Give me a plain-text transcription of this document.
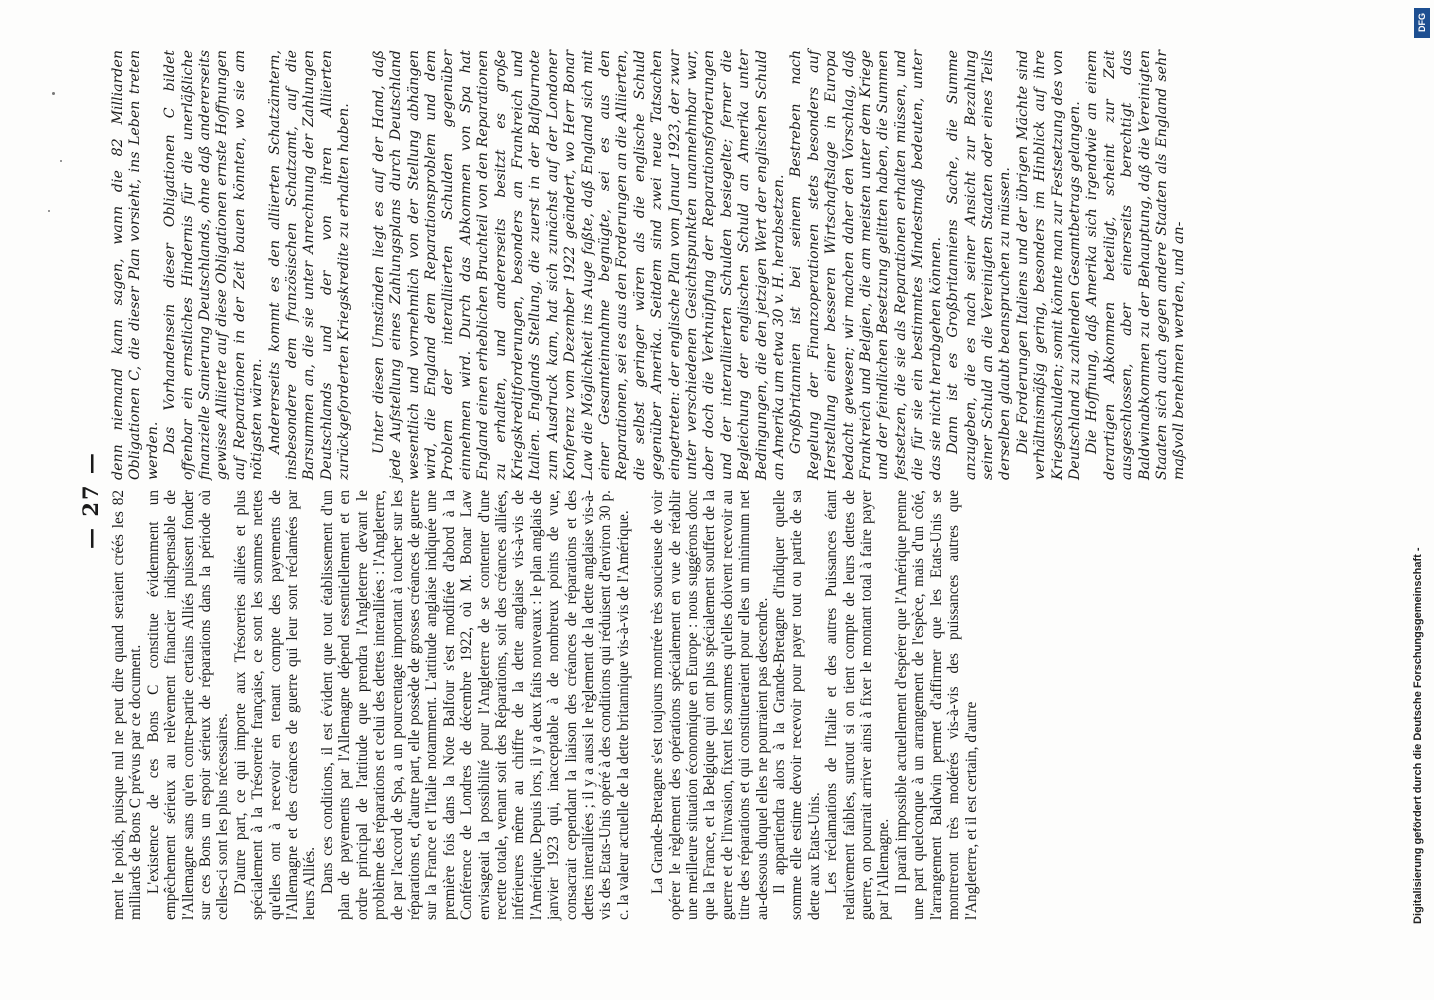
— 27 — ment le poids, puisque nul ne peut dire quand seraient créés les 82 milliards de Bons C prévus par ce document. L'existence de ces Bons C constitue évidemment un empêchement sérieux au relèvement financier indispensable de l'Allemagne sans qu'en contre-partie certains Alliés puissent fonder sur ces Bons un espoir sérieux de réparations dans la période où celles-ci sont les plus nécessaires. D'autre part, ce qui importe aux Trésoreries alliées et plus spécialement à la Trésorerie française, ce sont les sommes nettes qu'elles ont à recevoir en tenant compte des payements de l'Allemagne et des créances de guerre qui leur sont réclamées par leurs Alliés. Dans ces conditions, il est évident que tout établissement d'un plan de payements par l'Allemagne dépend essentiellement et en ordre principal de l'attitude que prendra l'Angleterre devant le problème des réparations et celui des dettes interalliées : l'Angleterre, de par l'accord de Spa, a un pourcentage important à toucher sur les réparations et, d'autre part, elle possède de grosses créances de guerre sur la France et l'Italie notamment. L'attitude anglaise indiquée une première fois dans la Note Balfour s'est modifiée d'abord à la Conférence de Londres de décembre 1922, où M. Bonar Law envisageait la possibilité pour l'Angleterre de se contenter d'une recette totale, venant soit des Réparations, soit des créances alliées, inférieures même au chiffre de la dette anglaise vis-à-vis de l'Amérique. Depuis lors, il y a deux faits nouveaux : le plan anglais de janvier 1923 qui, inacceptable à de nombreux points de vue, consacrait cependant la liaison des créances de réparations et des dettes interalliées ; il y a aussi le règlement de la dette anglaise vis-à-vis des Etats-Unis opéré à des conditions qui réduisent d'environ 30 p. c. la valeur actuelle de la dette britannique vis-à-vis de l'Amérique. La Grande-Bretagne s'est toujours montrée très soucieuse de voir opérer le règlement des opérations spécialement en vue de rétablir une meilleure situation économique en Europe : nous suggérons donc que la France, et la Belgique qui ont plus spécialement souffert de la guerre et de l'invasion, fixent les sommes qu'elles doivent recevoir au titre des réparations et qui constitueraient pour elles un minimum net au-dessous duquel elles ne pourraient pas descendre. Il appartiendra alors à la Grande-Bretagne d'indiquer quelle somme elle estime devoir recevoir pour payer tout ou partie de sa dette aux Etats-Unis. Les réclamations de l'Italie et des autres Puissances étant relativement faibles, surtout si on tient compte de leurs dettes de guerre, on pourrait arriver ainsi à fixer le montant total à faire payer par l'Allemagne. Il paraît impossible actuellement d'espérer que l'Amérique prenne une part quelconque à un arrangement de l'espèce, mais d'un côté, l'arrangement Baldwin permet d'affirmer que les Etats-Unis se montreront très modérés vis-à-vis des puissances autres que l'Angleterre, et il est certain, d'autre

denn niemand kann sagen, wann die 82 Milliarden Obligationen C, die dieser Plan vorsieht, ins Leben treten werden. Das Vorhandensein dieser Obligationen C bildet offenbar ein ernstliches Hindernis für die unerläßliche finanzielle Sanierung Deutschlands, ohne daß andererseits gewisse Alliierte auf diese Obligationen ernste Hoffnungen auf Reparationen in der Zeit bauen könnten, wo sie am nötigsten wären. Andererseits kommt es den alliierten Schatzämtern, insbesondere dem französischen Schatzamt, auf die Barsummen an, die sie unter Anrechnung der Zahlungen Deutschlands und der von ihren Alliierten zurückgeforderten Kriegskredite zu erhalten haben. Unter diesen Umständen liegt es auf der Hand, daß jede Aufstellung eines Zahlungsplans durch Deutschland wesentlich und vornehmlich von der Stellung abhängen wird, die England dem Reparationsproblem und dem Problem der interalliierten Schulden gegenüber einnehmen wird. Durch das Abkommen von Spa hat England einen erheblichen Bruchteil von den Reparationen zu erhalten, und andererseits besitzt es große Kriegskreditforderungen, besonders an Frankreich und Italien. Englands Stellung, die zuerst in der Balfournote zum Ausdruck kam, hat sich zunächst auf der Londoner Konferenz vom Dezember 1922 geändert, wo Herr Bonar Law die Möglichkeit ins Auge faßte, daß England sich mit einer Gesamteinnahme begnügte, sei es aus den Reparationen, sei es aus den Forderungen an die Alliierten, die selbst geringer wären als die englische Schuld gegenüber Amerika. Seitdem sind zwei neue Tatsachen eingetreten: der englische Plan vom Januar 1923, der zwar unter verschiedenen Gesichtspunkten unannehmbar war, aber doch die Verknüpfung der Reparationsforderungen und der interalliierten Schulden besiegelte; ferner die Begleichung der englischen Schuld an Amerika unter Bedingungen, die den jetzigen Wert der englischen Schuld an Amerika um etwa 30 v. H. herabsetzen. Großbritannien ist bei seinem Bestreben nach Regelung der Finanzoperationen stets besonders auf Herstellung einer besseren Wirtschaftslage in Europa bedacht gewesen; wir machen daher den Vorschlag, daß Frankreich und Belgien, die am meisten unter dem Kriege und der feindlichen Besetzung gelitten haben, die Summen festsetzen, die sie als Reparationen erhalten müssen, und die für sie ein bestimmtes Mindestmaß bedeuten, unter das sie nicht herabgehen können. Dann ist es Großbritanniens Sache, die Summe anzugeben, die es nach seiner Ansicht zur Bezahlung seiner Schuld an die Vereinigten Staaten oder eines Teils derselben glaubt beanspruchen zu müssen. Die Forderungen Italiens und der übrigen Mächte sind verhältnismäßig gering, besonders im Hinblick auf ihre Kriegsschulden; somit könnte man zur Festsetzung des von Deutschland zu zahlenden Gesamtbetrags gelangen. Die Hoffnung, daß Amerika sich irgendwie an einem derartigen Abkommen beteiligt, scheint zur Zeit ausgeschlossen, aber einerseits berechtigt das Baldwinabkommen zu der Behauptung, daß die Vereinigten Staaten sich auch gegen andere Staaten als England sehr maßvoll benehmen werden, und an-

DFG
Digitalisierung gefördert durch die Deutsche Forschungsgemeinschaft -
